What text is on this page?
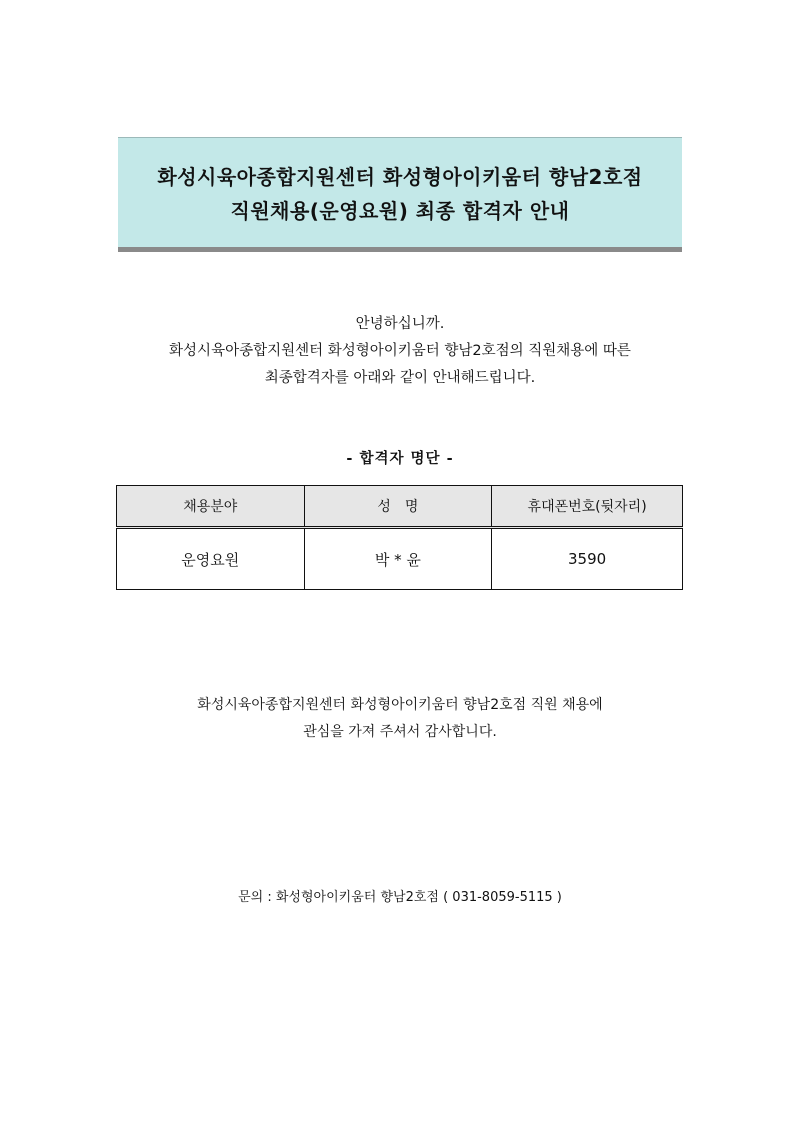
화성시육아종합지원센터 화성형아이키움터 향남2호점
직원채용(운영요원) 최종 합격자 안내

안녕하십니까.

화성시육아종합지원센터 화성형아이키움터 향남2호점의 직원채용에 따른

최종합격자를 아래와 같이 안내해드립니다.

- 합격자 명단 -
채용분야	성　명	휴대폰번호(뒷자리)
운영요원	박 * 윤	3590

화성시육아종합지원센터 화성형아이키움터 향남2호점 직원 채용에

관심을 가져 주셔서 감사합니다.

문의 : 화성형아이키움터 향남2호점 ( 031-8059-5115 )
